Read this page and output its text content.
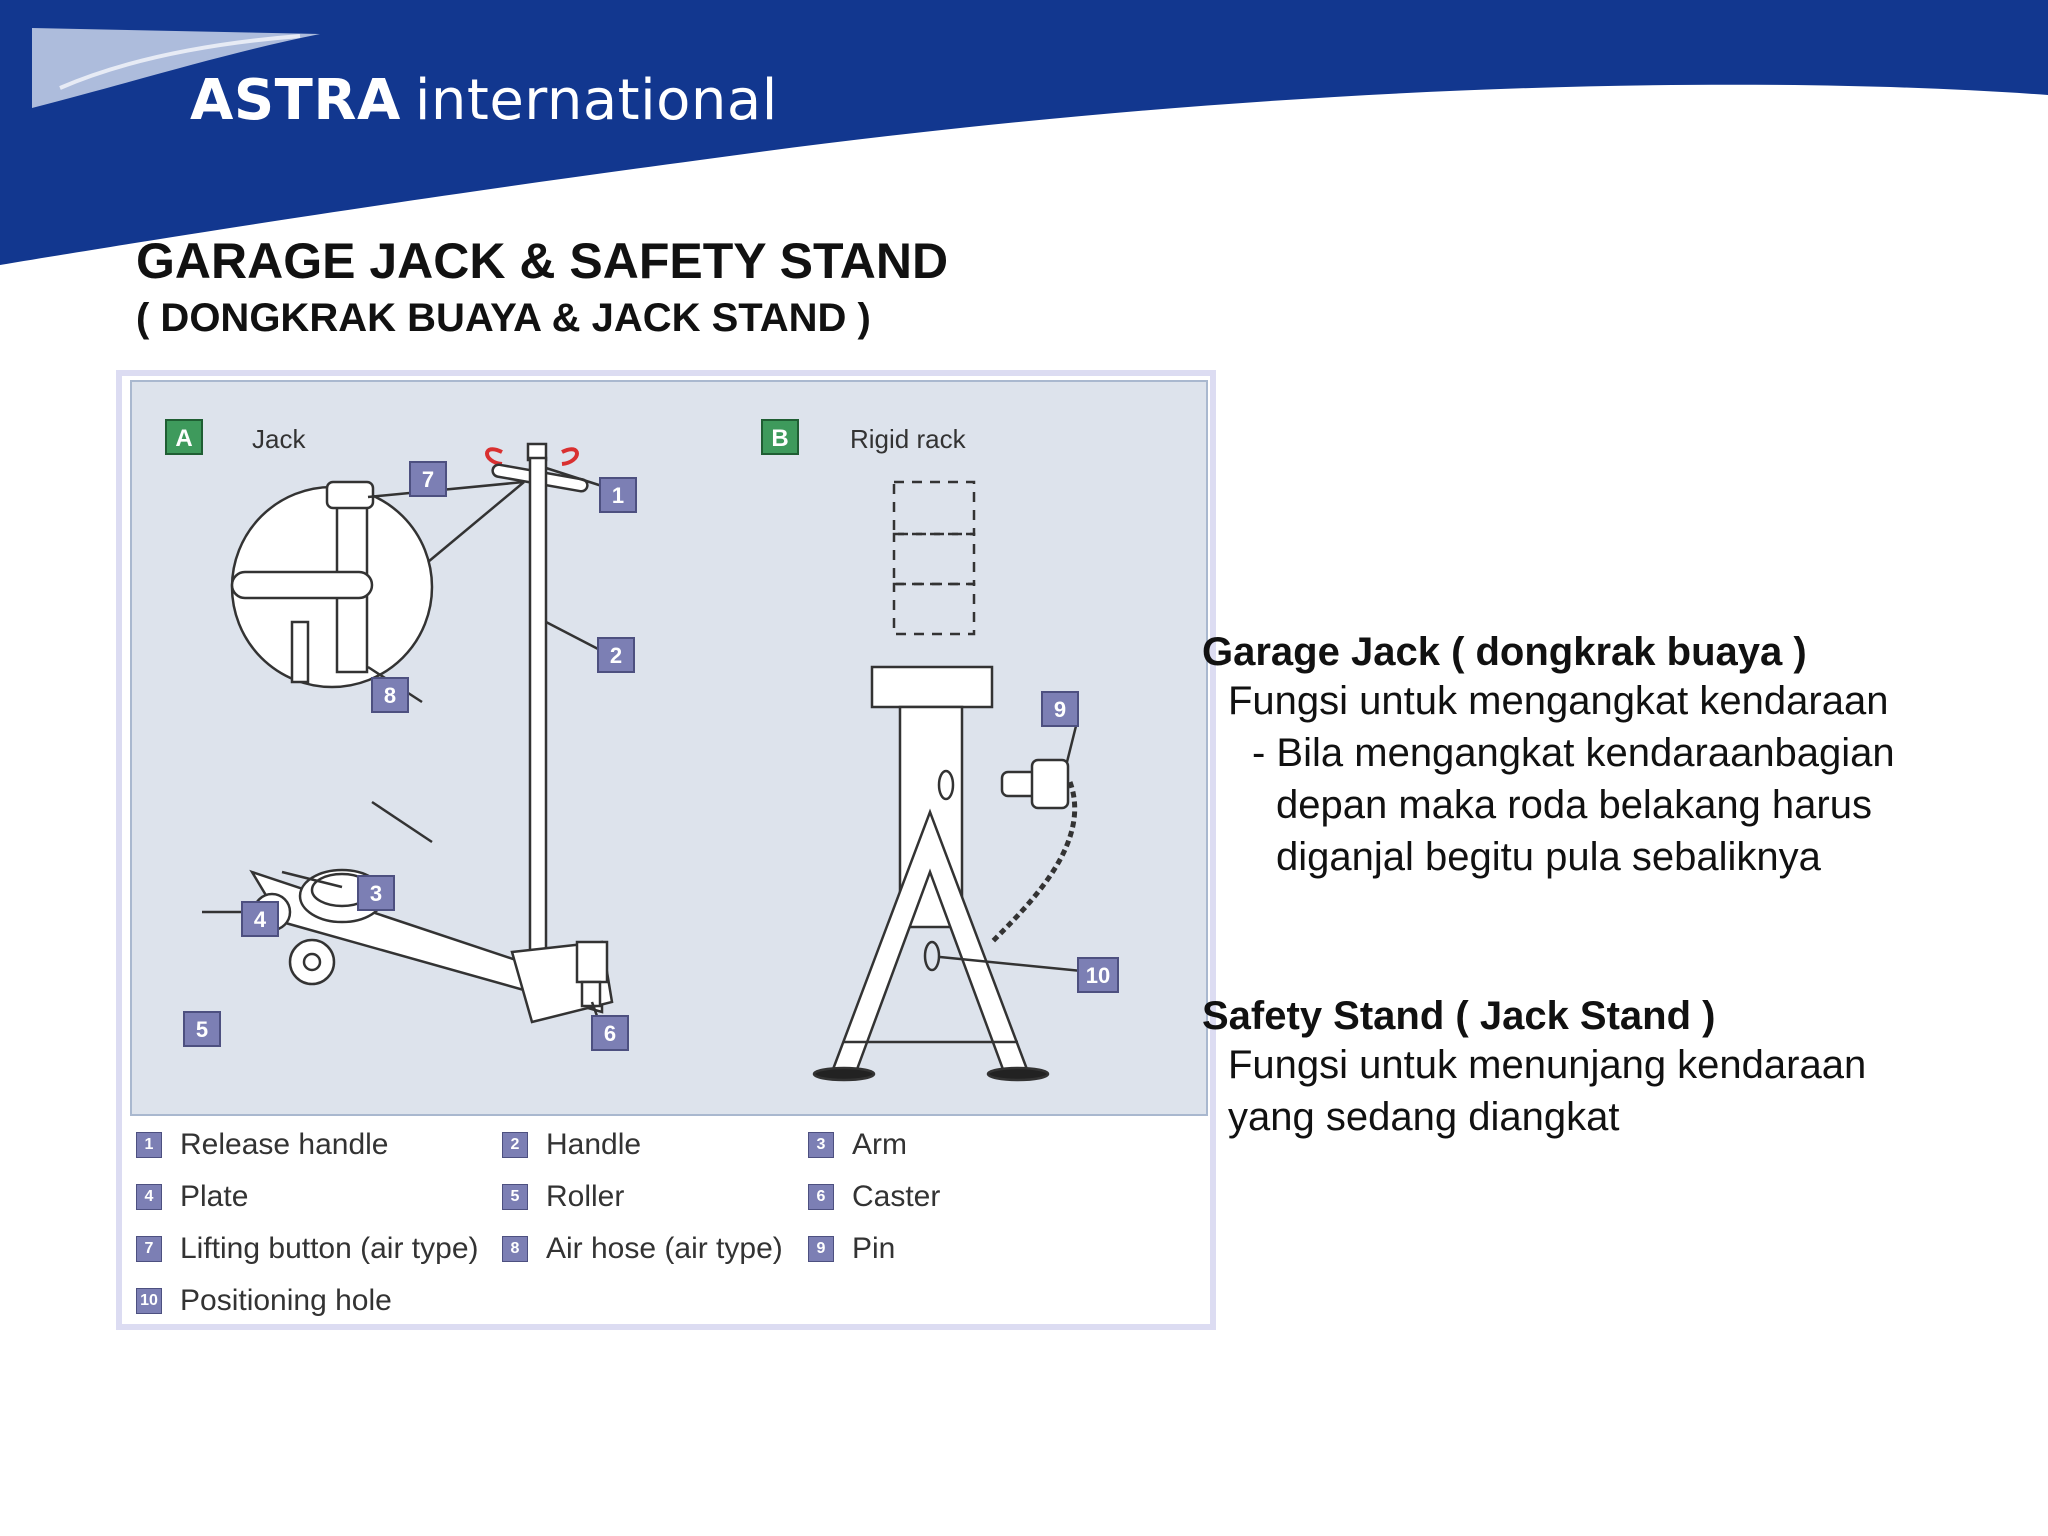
ASTRA international
GARAGE JACK & SAFETY STAND
( DONGKRAK BUAYA & JACK STAND )
A Jack	B Rigid rack
1
2
3
4
5	6
7
8
9
10
1 Release handle	2 Handle	3 Arm
4 Plate	5 Roller	6 Caster
7 Lifting button (air type)	8 Air hose (air type)	9 Pin
10 Positioning hole
Garage Jack ( dongkrak buaya )
Fungsi untuk mengangkat kendaraan
- Bila mengangkat kendaraanbagian
depan maka roda belakang harus
diganjal begitu pula sebaliknya
Safety Stand ( Jack Stand )
Fungsi untuk menunjang kendaraan
yang sedang diangkat
